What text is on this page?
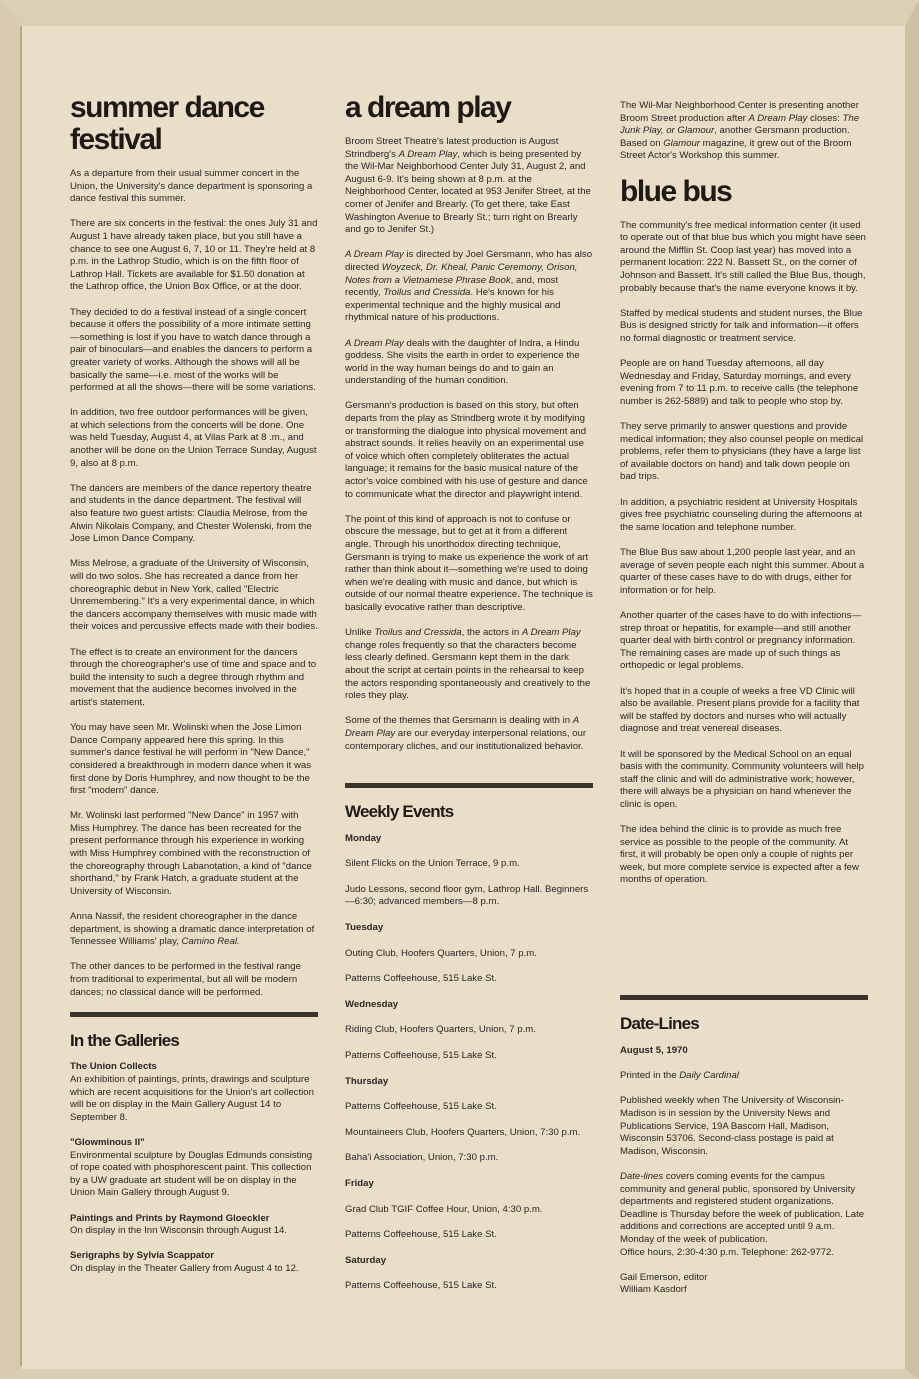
summer dance
festival

As a departure from their usual summer concert in the Union, the University's dance department is sponsoring a dance festival this summer.

There are six concerts in the festival: the ones July 31 and August 1 have already taken place, but you still have a chance to see one August 6, 7, 10 or 11. They're held at 8 p.m. in the Lathrop Studio, which is on the fifth floor of Lathrop Hall. Tickets are available for $1.50 donation at the Lathrop office, the Union Box Office, or at the door.

They decided to do a festival instead of a single concert because it offers the possibility of a more intimate setting—something is lost if you have to watch dance through a pair of binoculars—and enables the dancers to perform a greater variety of works. Although the shows will all be basically the same—i.e. most of the works will be performed at all the shows—there will be some variations.

In addition, two free outdoor performances will be given, at which selections from the concerts will be done. One was held Tuesday, August 4, at Vilas Park at 8 .m., and another will be done on the Union Terrace Sunday, August 9, also at 8 p.m.

The dancers are members of the dance repertory theatre and students in the dance department. The festival will also feature two guest artists: Claudia Melrose, from the Alwin Nikolais Company, and Chester Wolenski, from the Jose Limon Dance Company.

Miss Melrose, a graduate of the University of Wisconsin, will do two solos. She has recreated a dance from her choreographic debut in New York, called "Electric Unremembering." It's a very experimental dance, in which the dancers accompany themselves with music made with their voices and percussive effects made with their bodies.

The effect is to create an environment for the dancers through the choreographer's use of time and space and to build the intensity to such a degree through rhythm and movement that the audience becomes involved in the artist's statement.

You may have seen Mr. Wolinski when the Jose Limon Dance Company appeared here this spring. In this summer's dance festival he will perform in "New Dance," considered a breakthrough in modern dance when it was first done by Doris Humphrey, and now thought to be the first "modern" dance.

Mr. Wolinski last performed "New Dance" in 1957 with Miss Humphrey. The dance has been recreated for the present performance through his experience in working with Miss Humphrey combined with the reconstruction of the choreography through Labanotation, a kind of "dance shorthand," by Frank Hatch, a graduate student at the University of Wisconsin.

Anna Nassif, the resident choreographer in the dance department, is showing a dramatic dance interpretation of Tennessee Williams' play, Camino Real.

The other dances to be performed in the festival range from traditional to experimental, but all will be modern dances; no classical dance will be performed.

In the Galleries
The Union Collects
An exhibition of paintings, prints, drawings and sculpture which are recent acquisitions for the Union's art collection will be on display in the Main Gallery August 14 to September 8.
"Glowminous II"
Environmental sculpture by Douglas Edmunds consisting of rope coated with phosphorescent paint. This collection by a UW graduate art student will be on display in the Union Main Gallery through August 9.
Paintings and Prints by Raymond Gloeckler
On display in the Inn Wisconsin through August 14.
Serigraphs by Sylvia Scappator
On display in the Theater Gallery from August 4 to 12.
a dream play

Broom Street Theatre's latest production is August Strindberg's A Dream Play, which is being presented by the Wil-Mar Neighborhood Center July 31, August 2, and August 6-9. It's being shown at 8 p.m. at the Neighborhood Center, located at 953 Jenifer Street, at the corner of Jenifer and Brearly. (To get there, take East Washington Avenue to Brearly St.; turn right on Brearly and go to Jenifer St.)

A Dream Play is directed by Joel Gersmann, who has also directed Woyzeck, Dr. Kheal, Panic Ceremony, Orison, Notes from a Vietnamese Phrase Book, and, most recently, Troilus and Cressida. He's known for his experimental technique and the highly musical and rhythmical nature of his productions.

A Dream Play deals with the daughter of Indra, a Hindu goddess. She visits the earth in order to experience the world in the way human beings do and to gain an understanding of the human condition.

Gersmann's production is based on this story, but often departs from the play as Strindberg wrote it by modifying or transforming the dialogue into physical movement and abstract sounds. It relies heavily on an experimental use of voice which often completely obliterates the actual language; it remains for the basic musical nature of the actor's voice combined with his use of gesture and dance to communicate what the director and playwright intend.

The point of this kind of approach is not to confuse or obscure the message, but to get at it from a different angle. Through his unorthodox directing technique, Gersmann is trying to make us experience the work of art rather than think about it—something we're used to doing when we're dealing with music and dance, but which is outside of our normal theatre experience. The technique is basically evocative rather than descriptive.

Unlike Troilus and Cressida, the actors in A Dream Play change roles frequently so that the characters become less clearly defined. Gersmann kept them in the dark about the script at certain points in the rehearsal to keep the actors responding spontaneously and creatively to the roles they play.

Some of the themes that Gersmann is dealing with in A Dream Play are our everyday interpersonal relations, our contemporary cliches, and our institutionalized behavior.

Weekly Events
Monday
Silent Flicks on the Union Terrace, 9 p.m.
Judo Lessons, second floor gym, Lathrop Hall. Beginners—6:30; advanced members—8 p.m.
Tuesday
Outing Club, Hoofers Quarters, Union, 7 p.m.
Patterns Coffeehouse, 515 Lake St.
Wednesday
Riding Club, Hoofers Quarters, Union, 7 p.m.
Patterns Coffeehouse, 515 Lake St.
Thursday
Patterns Coffeehouse, 515 Lake St.
Mountaineers Club, Hoofers Quarters, Union, 7:30 p.m.
Baha'i Association, Union, 7:30 p.m.
Friday
Grad Club TGIF Coffee Hour, Union, 4:30 p.m.
Patterns Coffeehouse, 515 Lake St.
Saturday
Patterns Coffeehouse, 515 Lake St.

The Wil-Mar Neighborhood Center is presenting another Broom Street production after A Dream Play closes: The Junk Play, or Glamour, another Gersmann production. Based on Glamour magazine, it grew out of the Broom Street Actor's Workshop this summer.

blue bus

The community's free medical information center (it used to operate out of that blue bus which you might have seen around the Mifflin St. Coop last year) has moved into a permanent location: 222 N. Bassett St., on the corner of Johnson and Bassett. It's still called the Blue Bus, though, probably because that's the name everyone knows it by.

Staffed by medical students and student nurses, the Blue Bus is designed strictly for talk and information—it offers no formal diagnostic or treatment service.

People are on hand Tuesday afternoons, all day Wednesday and Friday, Saturday mornings, and every evening from 7 to 11 p.m. to receive calls (the telephone number is 262-5889) and talk to people who stop by.

They serve primarily to answer questions and provide medical information; they also counsel people on medical problems, refer them to physicians (they have a large list of available doctors on hand) and talk down people on bad trips.

In addition, a psychiatric resident at University Hospitals gives free psychiatric counseling during the afternoons at the same location and telephone number.

The Blue Bus saw about 1,200 people last year, and an average of seven people each night this summer. About a quarter of these cases have to do with drugs, either for information or for help.

Another quarter of the cases have to do with infections—strep throat or hepatitis, for example—and still another quarter deal with birth control or pregnancy information. The remaining cases are made up of such things as orthopedic or legal problems.

It's hoped that in a couple of weeks a free VD Clinic will also be available. Present plans provide for a facility that will be staffed by doctors and nurses who will actually diagnose and treat venereal diseases.

It will be sponsored by the Medical School on an equal basis with the community. Community volunteers will help staff the clinic and will do administrative work; however, there will always be a physician on hand whenever the clinic is open.

The idea behind the clinic is to provide as much free service as possible to the people of the community. At first, it will probably be open only a couple of nights per week, but more complete service is expected after a few months of operation.

Date-Lines
August 5, 1970

Printed in the Daily Cardinal

Published weekly when The University of Wisconsin-Madison is in session by the University News and Publications Service, 19A Bascom Hall, Madison, Wisconsin 53706. Second-class postage is paid at Madison, Wisconsin.

Date-lines covers coming events for the campus community and general public, sponsored by University departments and registered student organizations. Deadline is Thursday before the week of publication. Late additions and corrections are accepted until 9 a.m. Monday of the week of publication.

Office hours, 2:30-4:30 p.m. Telephone: 262-9772.

Gail Emerson, editor
William Kasdorf
